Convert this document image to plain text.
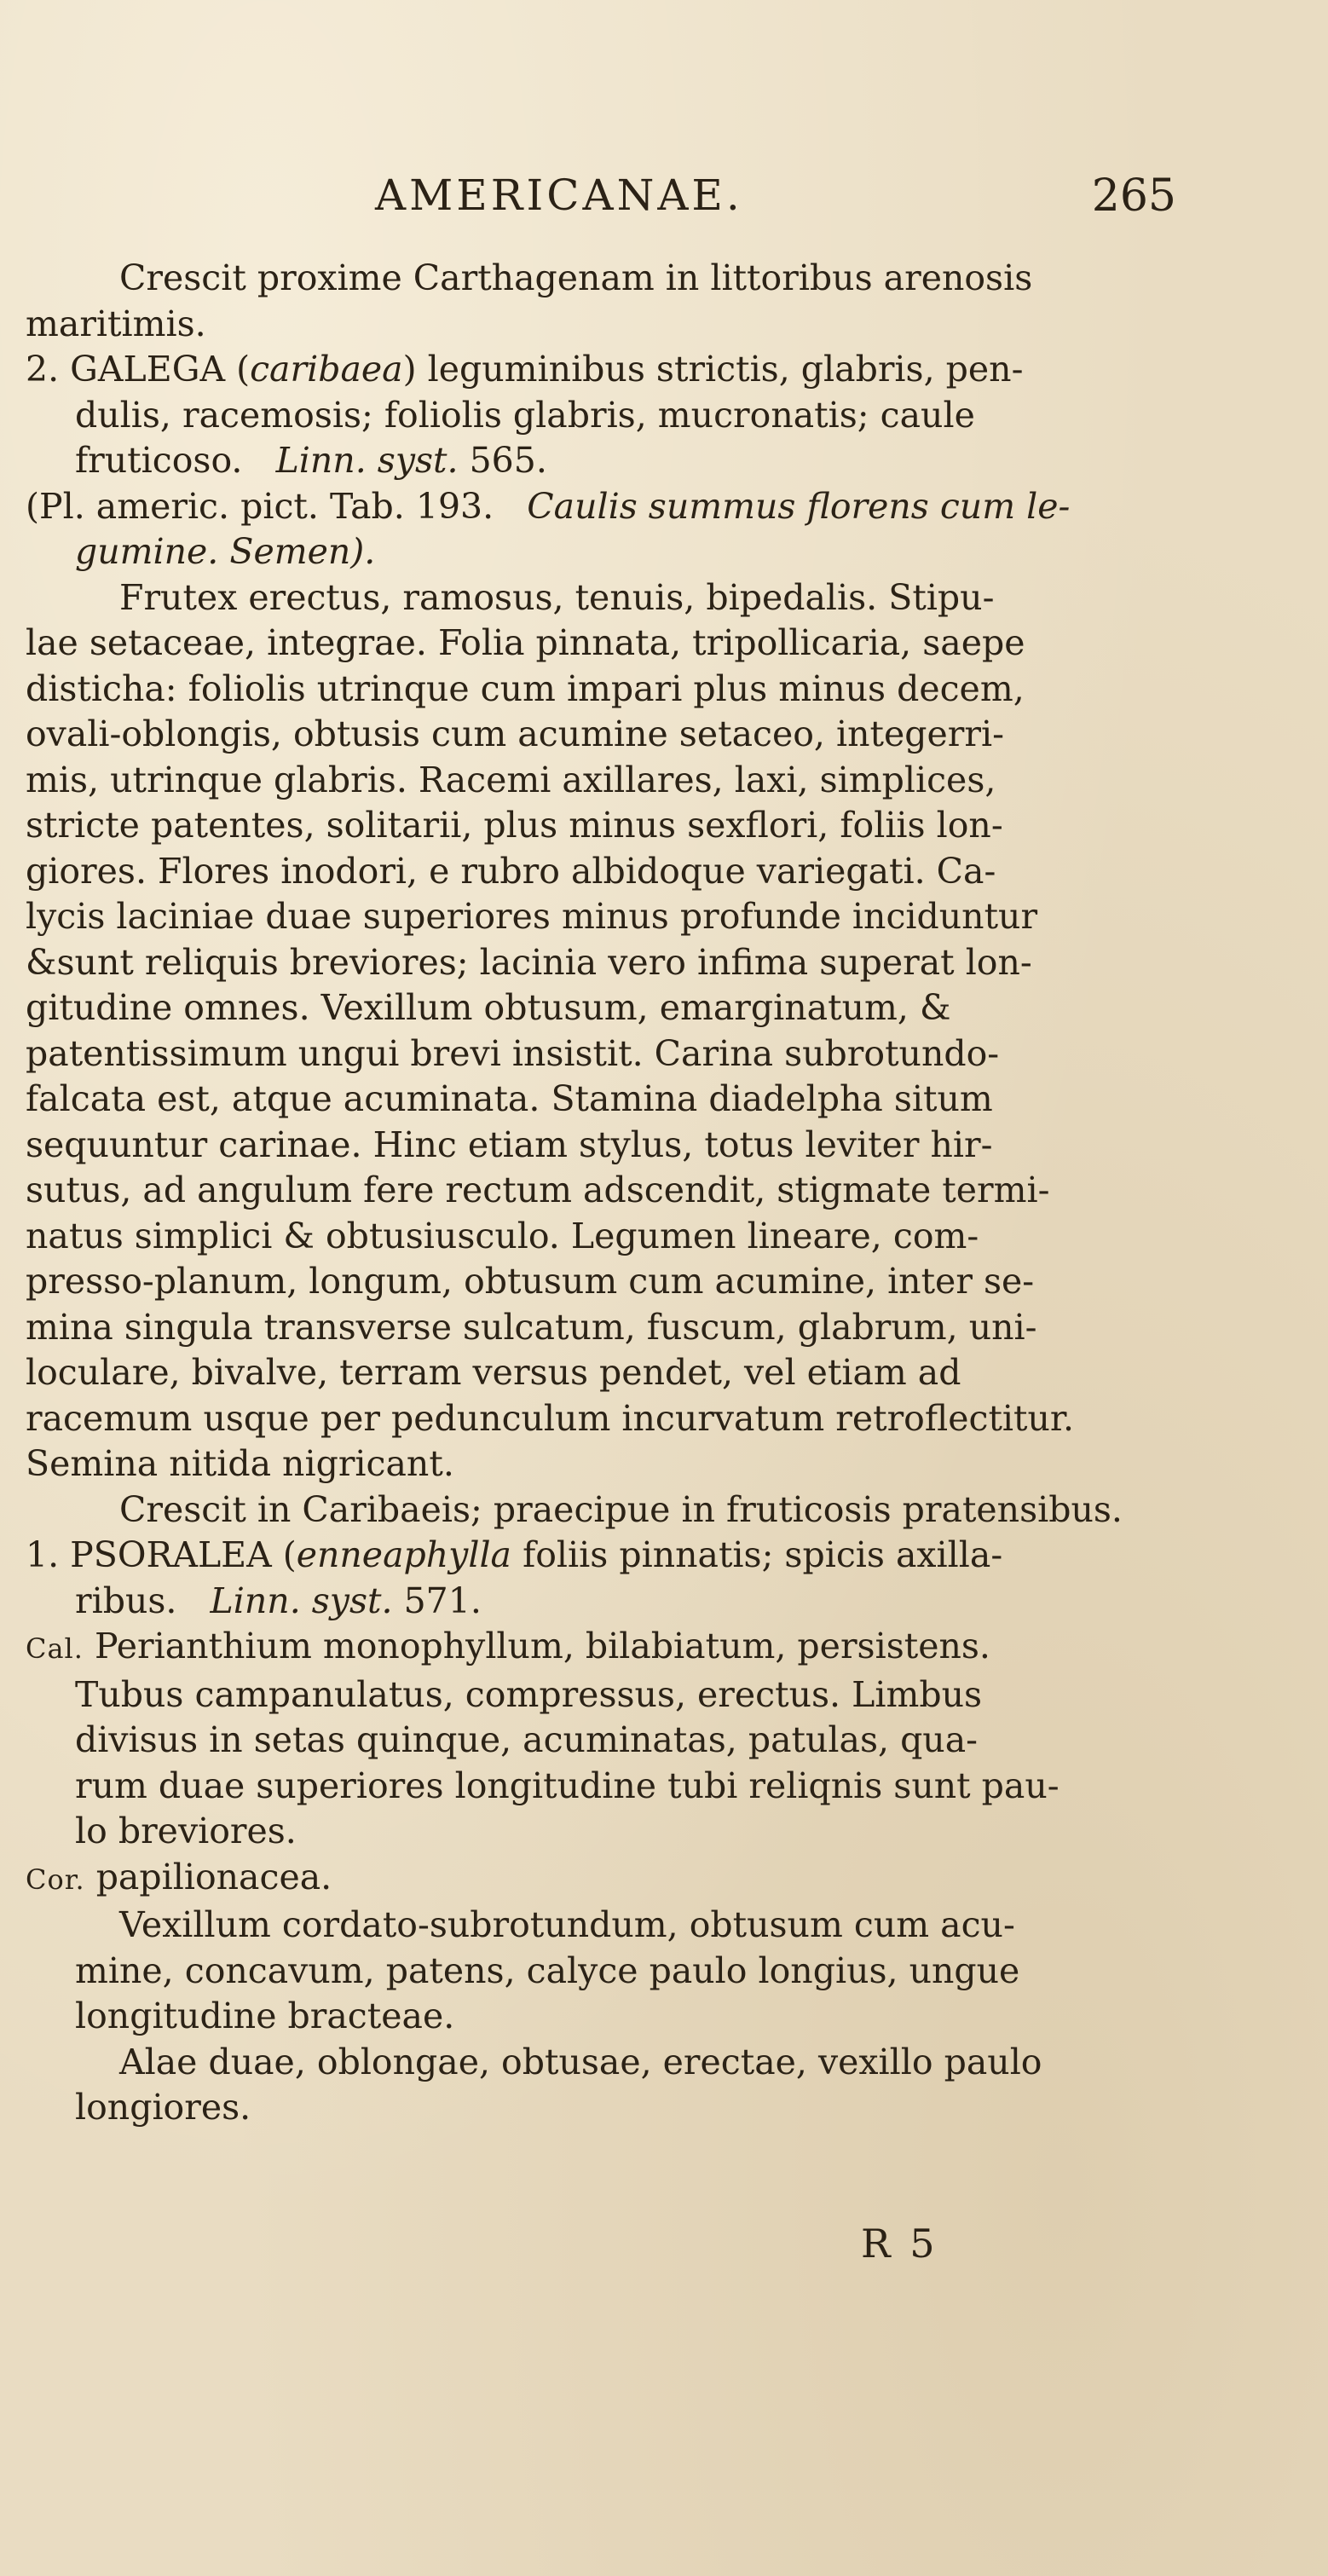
AMERICANAE.	265

Crescit proxime Carthagenam in littoribus arenosis

maritimis.

2. GALEGA (caribaea) leguminibus strictis, glabris, pen-

dulis, racemosis; foliolis glabris, mucronatis; caule

fruticoso. Linn. syst. 565.

(Pl. americ. pict. Tab. 193. Caulis summus florens cum le-

gumine. Semen).

Frutex erectus, ramosus, tenuis, bipedalis. Stipu-

lae setaceae, integrae. Folia pinnata, tripollicaria, saepe

disticha: foliolis utrinque cum impari plus minus decem,

ovali-oblongis, obtusis cum acumine setaceo, integerri-

mis, utrinque glabris. Racemi axillares, laxi, simplices,

stricte patentes, solitarii, plus minus sexflori, foliis lon-

giores. Flores inodori, e rubro albidoque variegati. Ca-

lycis laciniae duae superiores minus profunde inciduntur

&sunt reliquis breviores; lacinia vero infima superat lon-

gitudine omnes. Vexillum obtusum, emarginatum, &

patentissimum ungui brevi insistit. Carina subrotundo-

falcata est, atque acuminata. Stamina diadelpha situm

sequuntur carinae. Hinc etiam stylus, totus leviter hir-

sutus, ad angulum fere rectum adscendit, stigmate termi-

natus simplici & obtusiusculo. Legumen lineare, com-

presso-planum, longum, obtusum cum acumine, inter se-

mina singula transverse sulcatum, fuscum, glabrum, uni-

loculare, bivalve, terram versus pendet, vel etiam ad

racemum usque per pedunculum incurvatum retroflectitur.

Semina nitida nigricant.

Crescit in Caribaeis; praecipue in fruticosis pratensibus.

1. PSORALEA (enneaphylla foliis pinnatis; spicis axilla-

ribus. Linn. syst. 571.

Cal. Perianthium monophyllum, bilabiatum, persistens.

Tubus campanulatus, compressus, erectus. Limbus

divisus in setas quinque, acuminatas, patulas, qua-

rum duae superiores longitudine tubi reliqnis sunt pau-

lo breviores.

Cor. papilionacea.

Vexillum cordato-subrotundum, obtusum cum acu-

mine, concavum, patens, calyce paulo longius, ungue

longitudine bracteae.

Alae duae, oblongae, obtusae, erectae, vexillo paulo

longiores.

R 5
